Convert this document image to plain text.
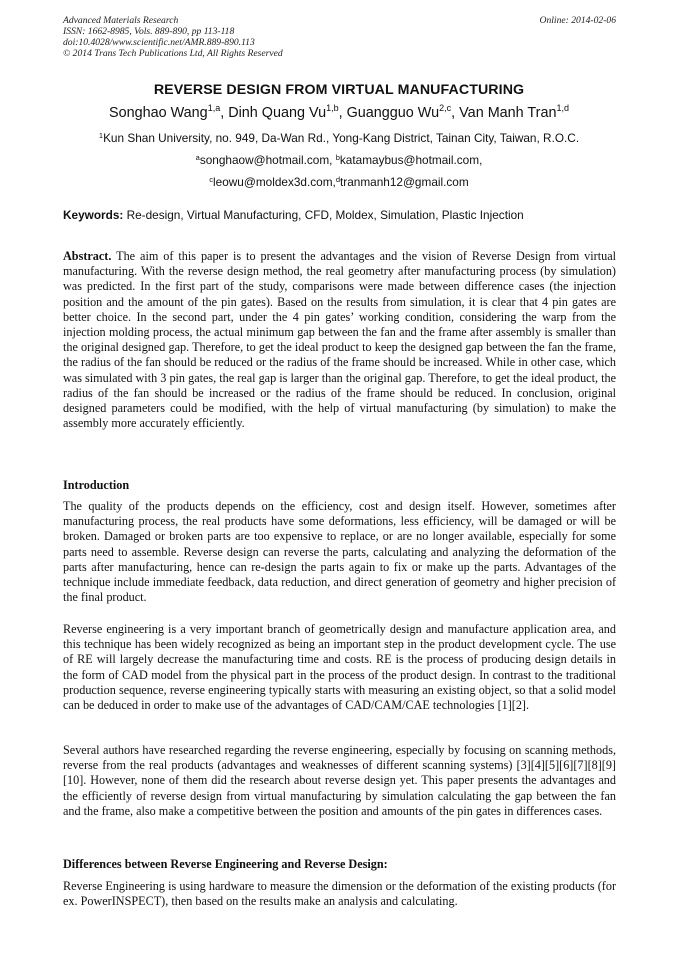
Advanced Materials Research
ISSN: 1662-8985, Vols. 889-890, pp 113-118
doi:10.4028/www.scientific.net/AMR.889-890.113
© 2014 Trans Tech Publications Ltd, All Rights Reserved
Online: 2014-02-06
REVERSE DESIGN FROM VIRTUAL MANUFACTURING
Songhao Wang$^{1,a}$, Dinh Quang Vu$^{1,b}$, Guangguo Wu$^{2,c}$, Van Manh Tran$^{1,d}$
$^1$Kun Shan University, no. 949, Da-Wan Rd., Yong-Kang District, Tainan City, Taiwan, R.O.C.
$^a$songhaow@hotmail.com, $^b$katamaybus@hotmail.com,
$^c$leowu@moldex3d.com,$^d$tranmanh12@gmail.com
Keywords: Re-design, Virtual Manufacturing, CFD, Moldex, Simulation, Plastic Injection
Abstract. The aim of this paper is to present the advantages and the vision of Reverse Design from virtual manufacturing. With the reverse design method, the real geometry after manufacturing process (by simulation) was predicted. In the first part of the study, comparisons were made between difference cases (the injection position and the amount of the pin gates). Based on the results from simulation, it is clear that 4 pin gates are better choice. In the second part, under the 4 pin gates’ working condition, considering the warp from the injection molding process, the actual minimum gap between the fan and the frame after assembly is smaller than the original designed gap. Therefore, to get the ideal product to keep the designed gap between the fan the frame, the radius of the fan should be reduced or the radius of the frame should be increased. While in other case, which was simulated with 3 pin gates, the real gap is larger than the original gap. Therefore, to get the ideal product, the radius of the fan should be increased or the radius of the frame should be reduced. In conclusion, original designed parameters could be modified, with the help of virtual manufacturing (by simulation) to make the assembly more accurately efficiently.
Introduction
The quality of the products depends on the efficiency, cost and design itself. However, sometimes after manufacturing process, the real products have some deformations, less efficiency, will be damaged or will be broken. Damaged or broken parts are too expensive to replace, or are no longer available, especially for some parts need to assemble. Reverse design can reverse the parts, calculating and analyzing the deformation of the parts after manufacturing, hence can re-design the parts again to fix or make up the parts. Advantages of the technique include immediate feedback, data reduction, and direct generation of geometry and higher precision of the final product.
Reverse engineering is a very important branch of geometrically design and manufacture application area, and this technique has been widely recognized as being an important step in the product development cycle. The use of RE will largely decrease the manufacturing time and costs. RE is the process of producing design details in the form of CAD model from the physical part in the process of the product design. In contrast to the traditional production sequence, reverse engineering typically starts with measuring an existing object, so that a solid model can be deduced in order to make use of the advantages of CAD/CAM/CAE technologies [1][2].
Several authors have researched regarding the reverse engineering, especially by focusing on scanning methods, reverse from the real products (advantages and weaknesses of different scanning systems) [3][4][5][6][7][8][9][10]. However, none of them did the research about reverse design yet. This paper presents the advantages and the efficiently of reverse design from virtual manufacturing by simulation calculating the gap between the fan and the frame, also make a competitive between the position and amounts of the pin gates in differences cases.
Differences between Reverse Engineering and Reverse Design:
Reverse Engineering is using hardware to measure the dimension or the deformation of the existing products (for ex. PowerINSPECT), then based on the results make an analysis and calculating.
